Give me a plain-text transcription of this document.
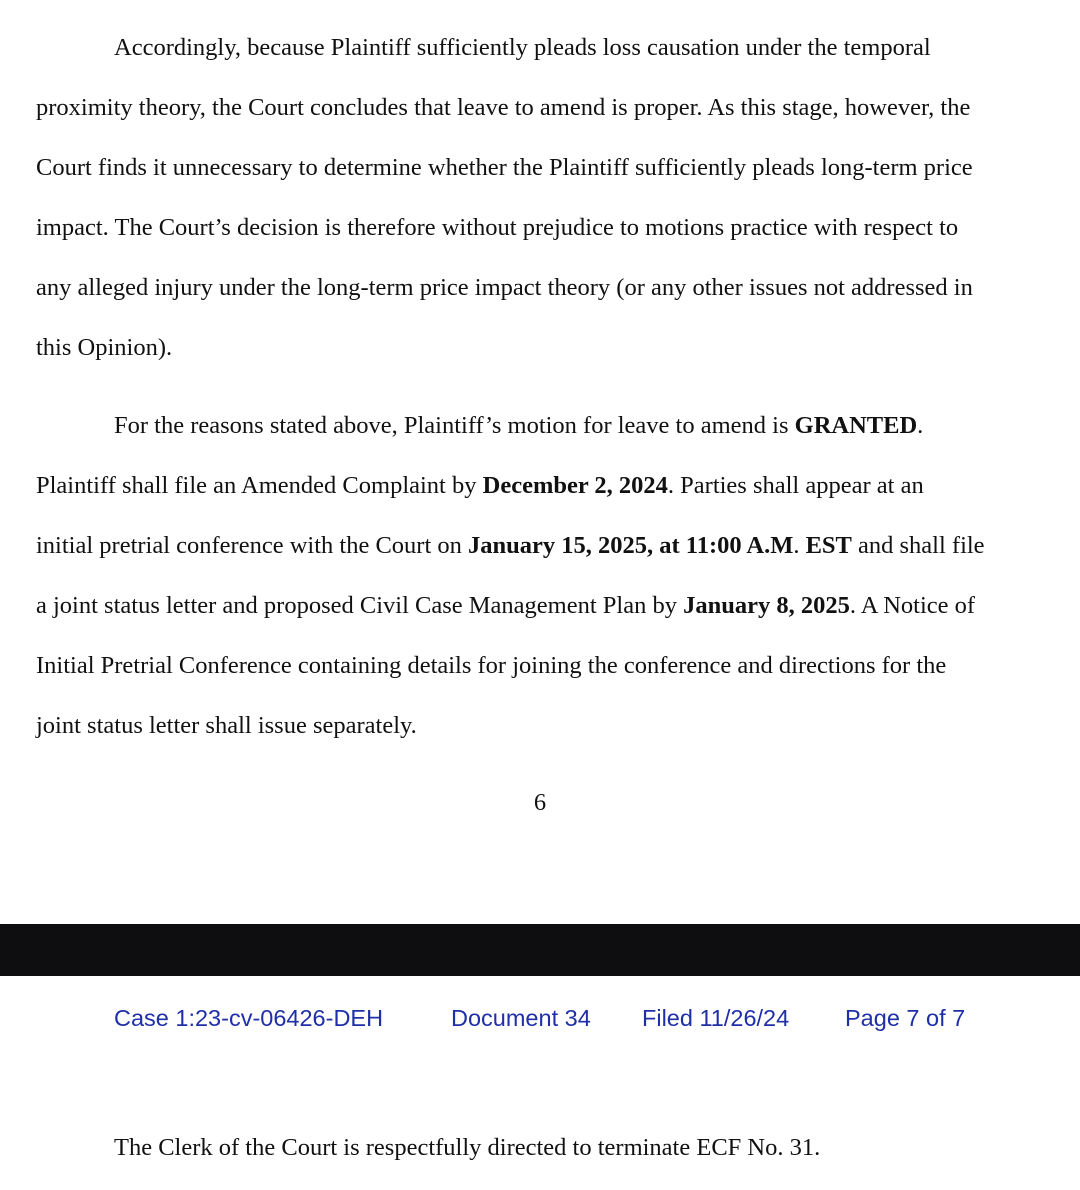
Accordingly, because Plaintiff sufficiently pleads loss causation under the temporal
proximity theory, the Court concludes that leave to amend is proper. As this stage, however, the
Court finds it unnecessary to determine whether the Plaintiff sufficiently pleads long-term price
impact. The Court’s decision is therefore without prejudice to motions practice with respect to
any alleged injury under the long-term price impact theory (or any other issues not addressed in
this Opinion).
For the reasons stated above, Plaintiff’s motion for leave to amend is GRANTED.
Plaintiff shall file an Amended Complaint by December 2, 2024. Parties shall appear at an
initial pretrial conference with the Court on January 15, 2025, at 11:00 A.M. EST and shall file
a joint status letter and proposed Civil Case Management Plan by January 8, 2025. A Notice of
Initial Pretrial Conference containing details for joining the conference and directions for the
joint status letter shall issue separately.
6
Case 1:23-cv-06426-DEH	Document 34 Filed 11/26/24 Page 7 of 7
The Clerk of the Court is respectfully directed to terminate ECF No. 31.
